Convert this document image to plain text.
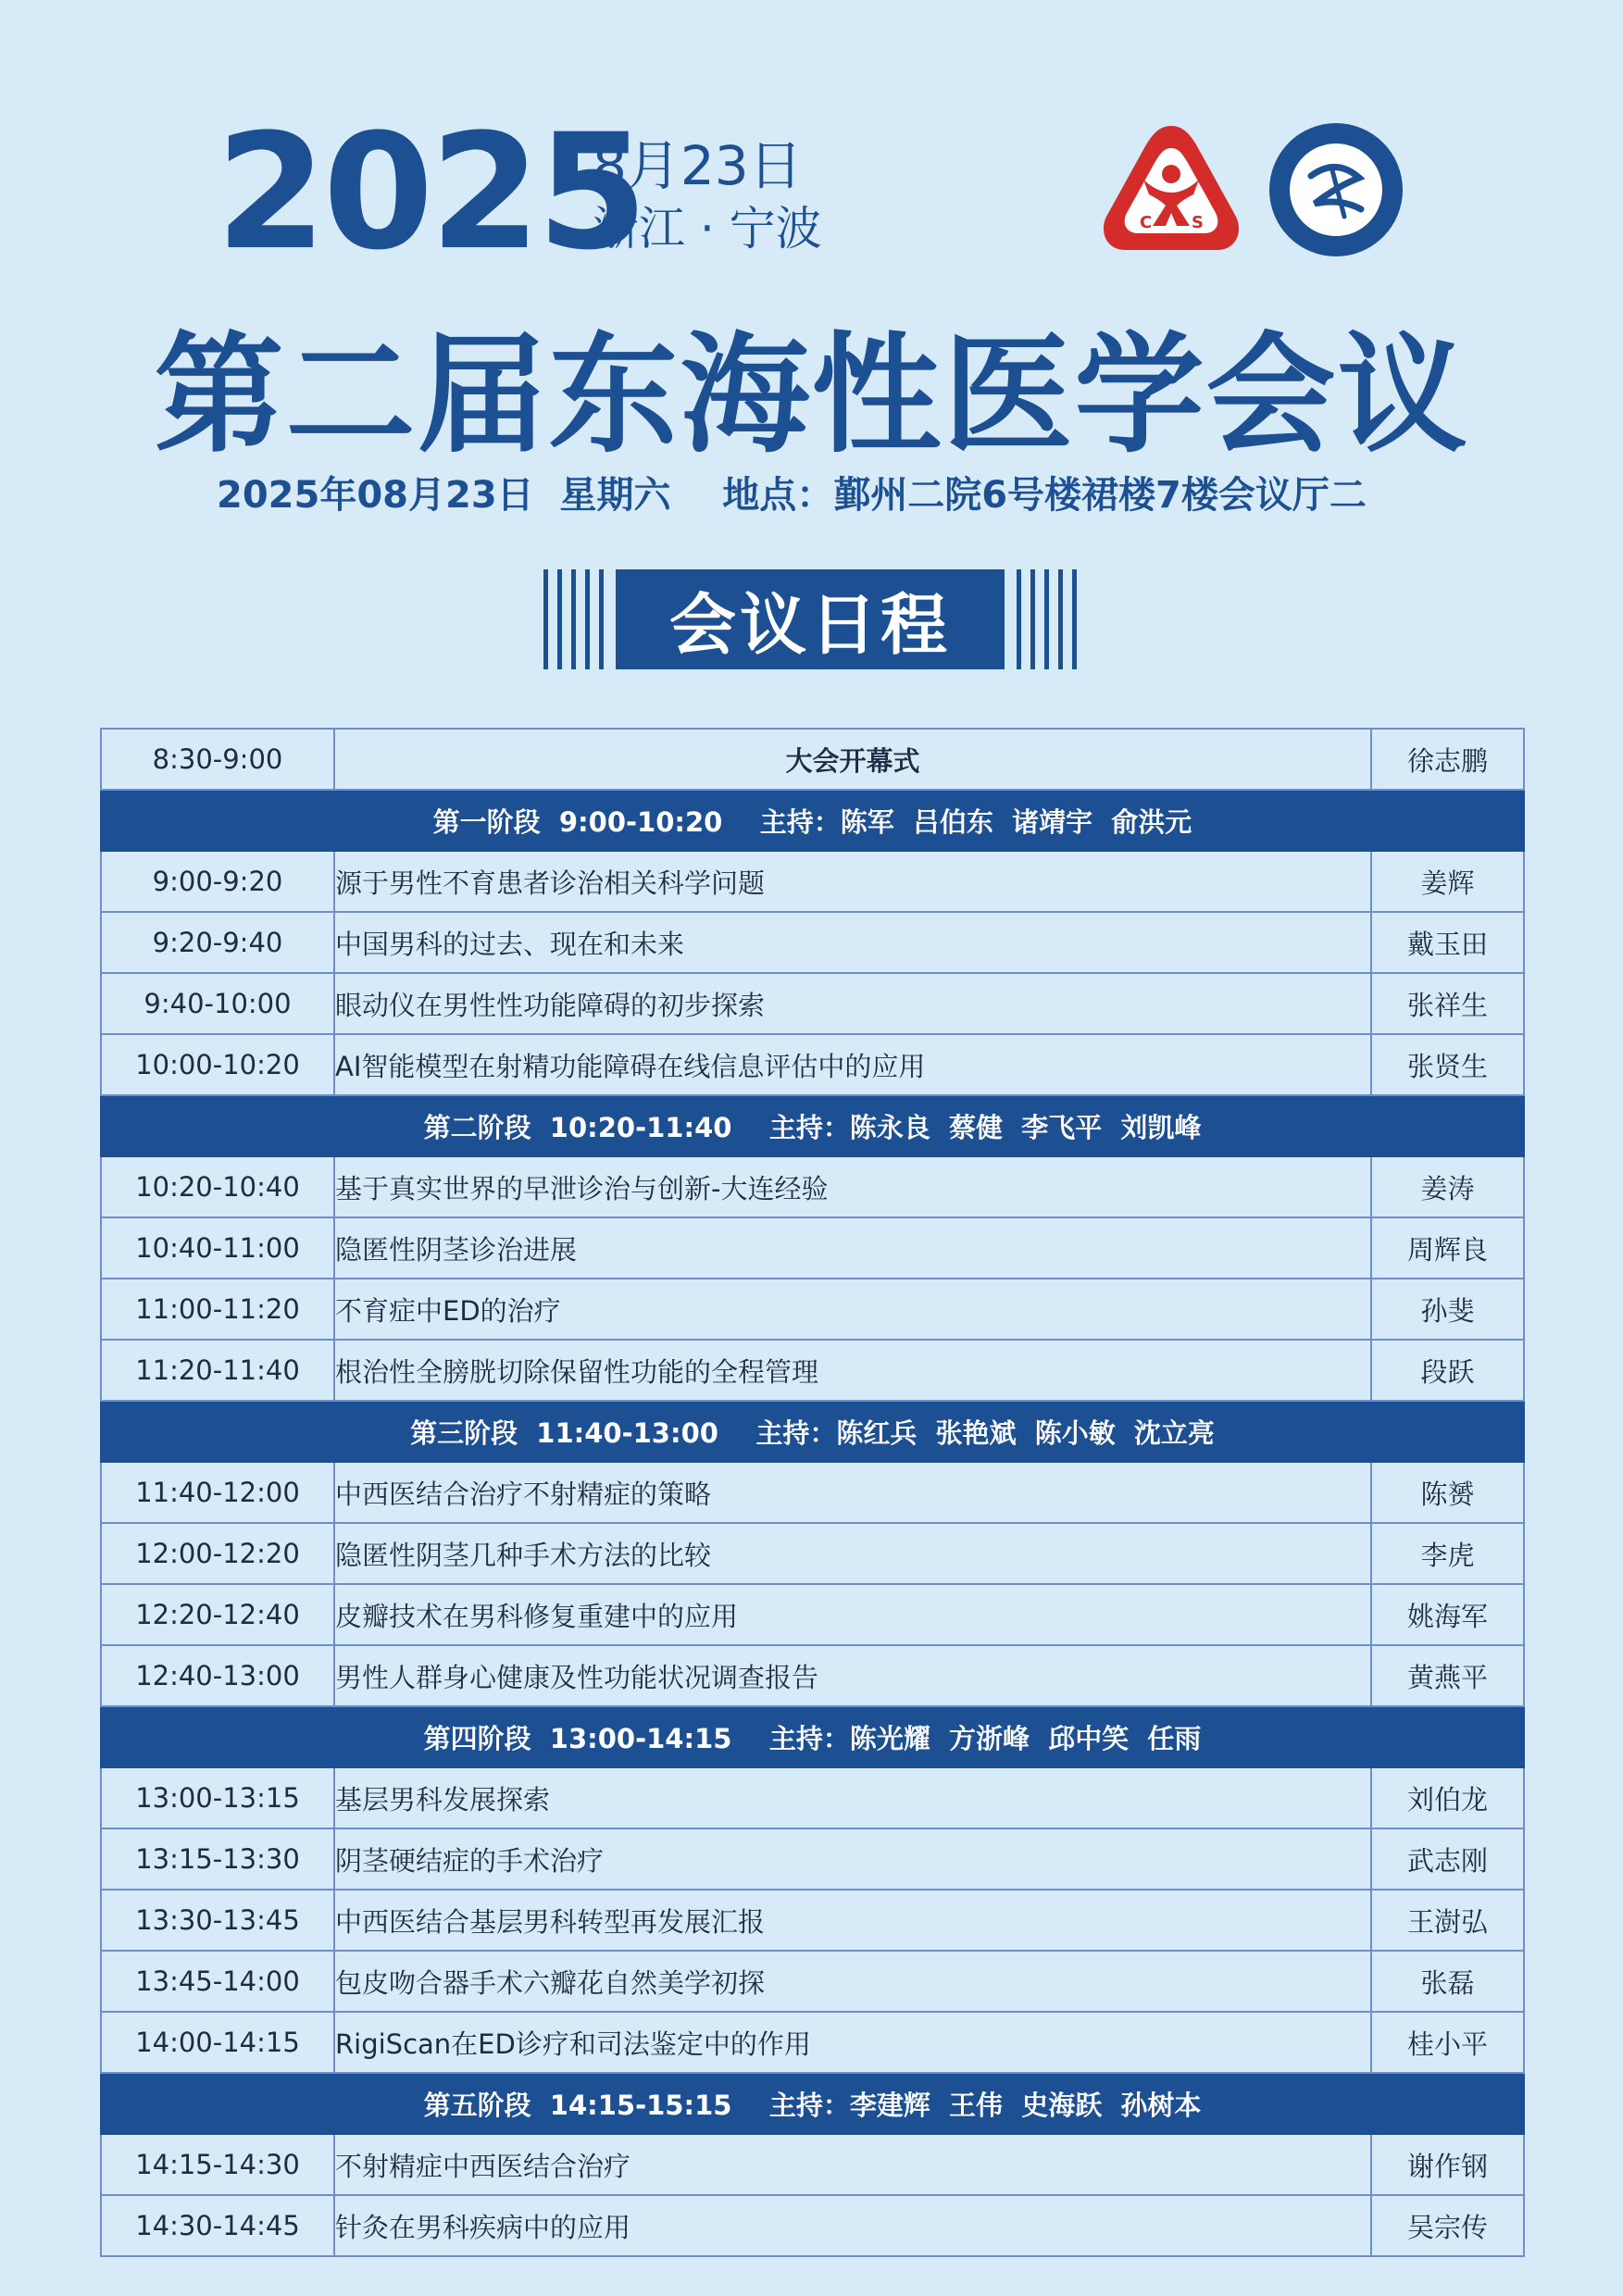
2025
8月23日
浙江 · 宁波	C S
第二届东海性医学会议
2025年08月23日  星期六    地点：鄞州二院6号楼裙楼7楼会议厅二
会议日程
8:30-9:00	大会开幕式	徐志鹏
第一阶段  9:00-10:20    主持：陈军  吕伯东  诸靖宇  俞洪元		
9:00-9:20	源于男性不育患者诊治相关科学问题	姜辉
9:20-9:40	中国男科的过去、现在和未来	戴玉田
9:40-10:00	眼动仪在男性性功能障碍的初步探索	张祥生
10:00-10:20	AI智能模型在射精功能障碍在线信息评估中的应用	张贤生
第二阶段  10:20-11:40    主持：陈永良  蔡健  李飞平  刘凯峰		
10:20-10:40	基于真实世界的早泄诊治与创新-大连经验	姜涛
10:40-11:00	隐匿性阴茎诊治进展	周辉良
11:00-11:20	不育症中ED的治疗	孙斐
11:20-11:40	根治性全膀胱切除保留性功能的全程管理	段跃
第三阶段  11:40-13:00    主持：陈红兵  张艳斌  陈小敏  沈立亮		
11:40-12:00	中西医结合治疗不射精症的策略	陈赟
12:00-12:20	隐匿性阴茎几种手术方法的比较	李虎
12:20-12:40	皮瓣技术在男科修复重建中的应用	姚海军
12:40-13:00	男性人群身心健康及性功能状况调查报告	黄燕平
第四阶段  13:00-14:15    主持：陈光耀  方浙峰  邱中笑  任雨		
13:00-13:15	基层男科发展探索	刘伯龙
13:15-13:30	阴茎硬结症的手术治疗	武志刚
13:30-13:45	中西医结合基层男科转型再发展汇报	王澍弘
13:45-14:00	包皮吻合器手术六瓣花自然美学初探	张磊
14:00-14:15	RigiScan在ED诊疗和司法鉴定中的作用	桂小平
第五阶段  14:15-15:15    主持：李建辉  王伟  史海跃  孙树本		
14:15-14:30	不射精症中西医结合治疗	谢作钢
14:30-14:45	针灸在男科疾病中的应用	吴宗传
